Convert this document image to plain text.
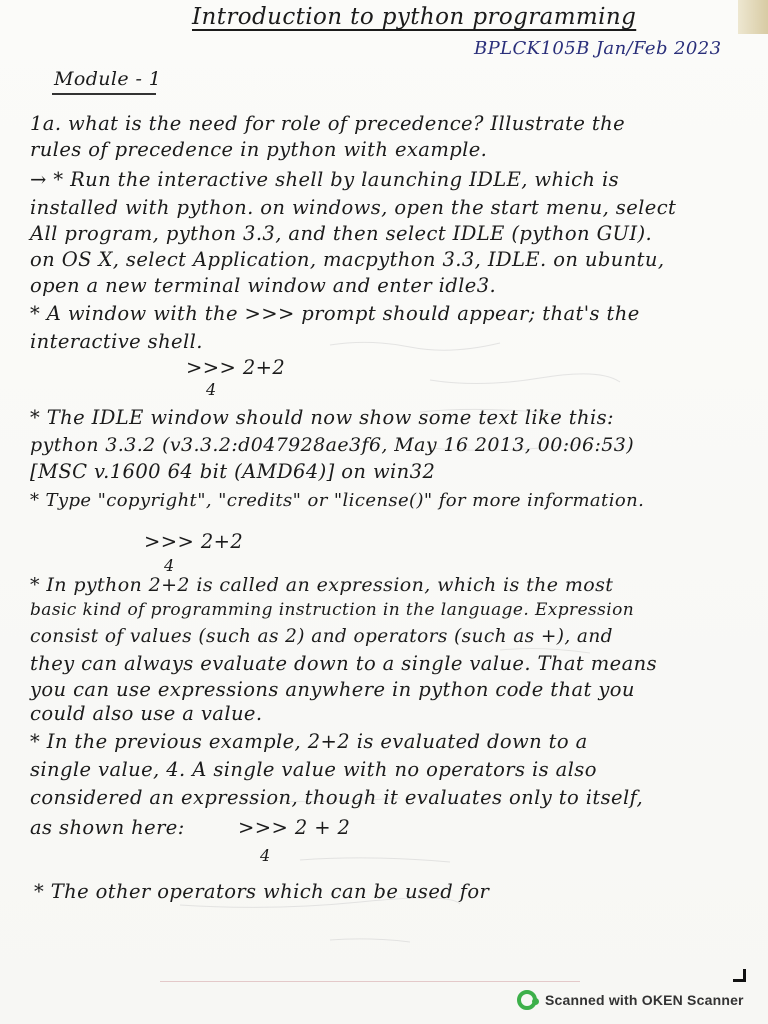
Introduction to python programming
BPLCK105B Jan/Feb 2023
Module - 1
1a. what is the need for role of precedence? Illustrate the
rules of precedence in python with example.
→ * Run the interactive shell by launching IDLE, which is
installed with python. on windows, open the start menu, select
All program, python 3.3, and then select IDLE (python GUI).
on OS X, select Application, macpython 3.3, IDLE. on ubuntu,
open a new terminal window and enter idle3.
* A window with the >>> prompt should appear; that's the
interactive shell.
>>> 2+2
4
* The IDLE window should now show some text like this:
python 3.3.2 (v3.3.2:d047928ae3f6, May 16 2013, 00:06:53)
[MSC v.1600 64 bit (AMD64)] on win32
* Type "copyright", "credits" or "license()" for more information.
>>> 2+2
4
* In python 2+2 is called an expression, which is the most
basic kind of programming instruction in the language. Expression
consist of values (such as 2) and operators (such as +), and
they can always evaluate down to a single value. That means
you can use expressions anywhere in python code that you
could also use a value.
* In the previous example, 2+2 is evaluated down to a
single value, 4. A single value with no operators is also
considered an expression, though it evaluates only to itself,
as shown here:	>>> 2 + 2
4
* The other operators which can be used for
Scanned with OKEN Scanner
